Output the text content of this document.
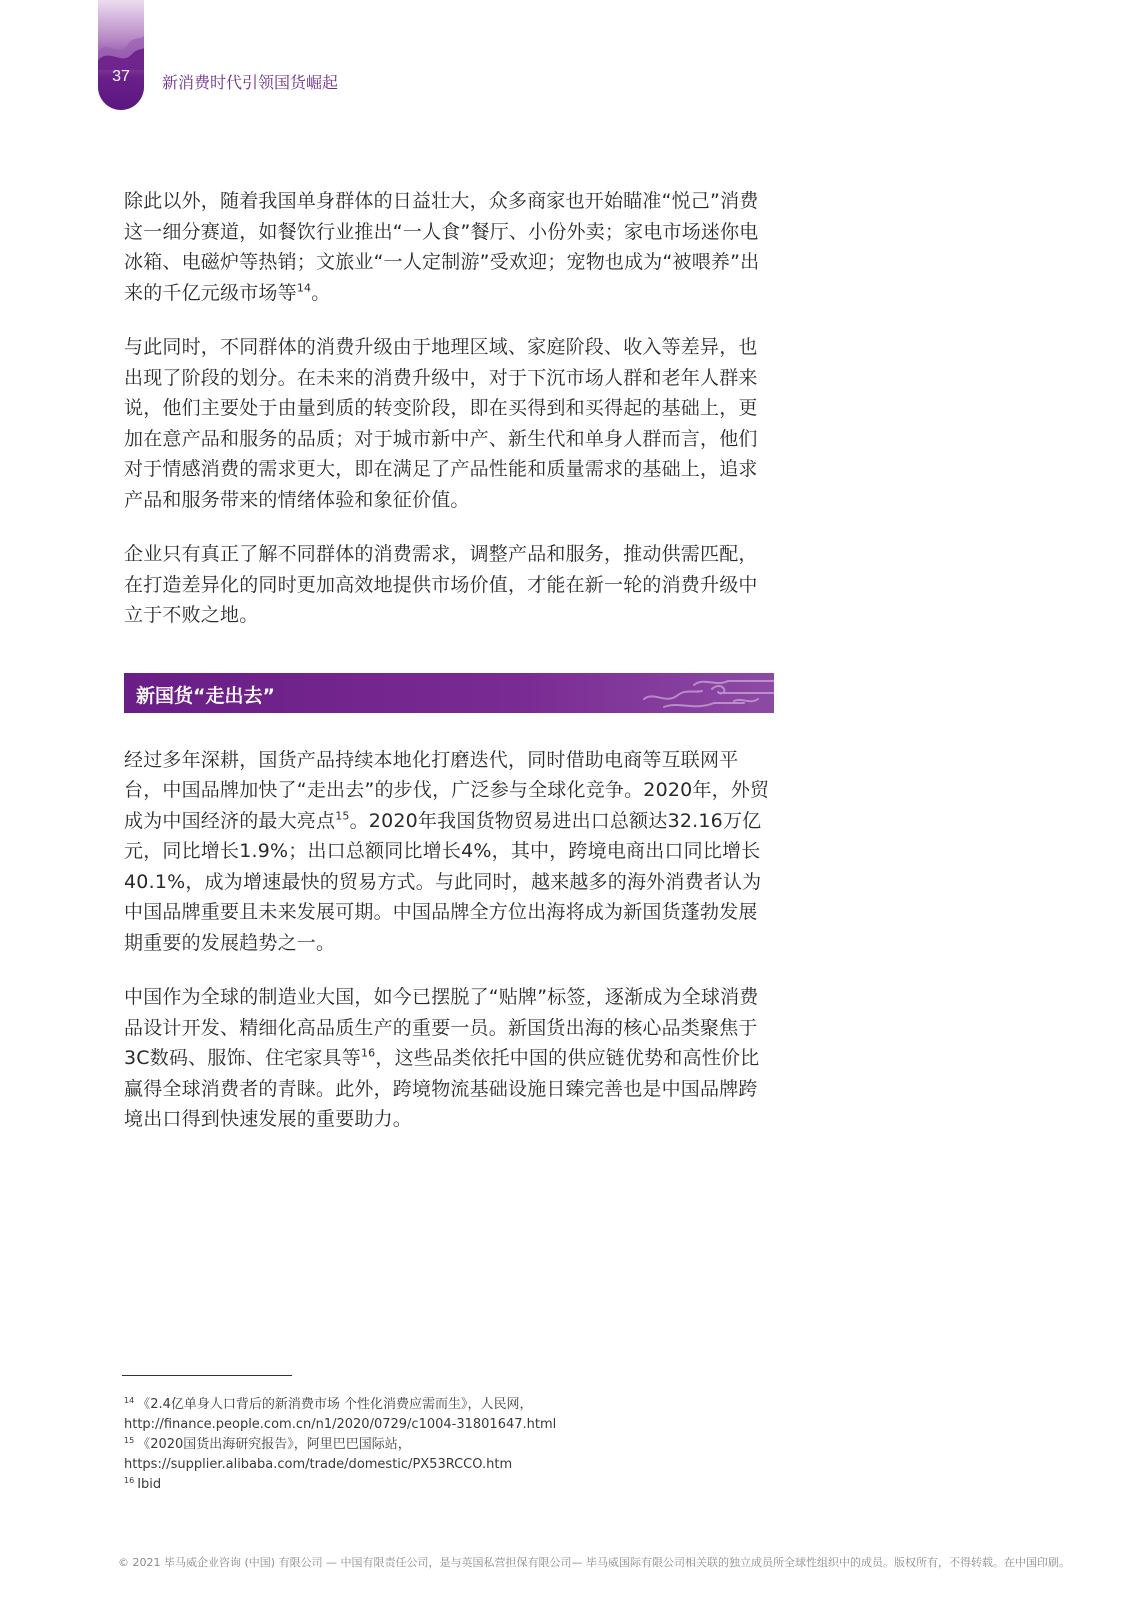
37	新消费时代引领国货崛起

除此以外，随着我国单身群体的日益壮大，众多商家也开始瞄准“悦己”消费这一细分赛道，如餐饮行业推出“一人食”餐厅、小份外卖；家电市场迷你电冰箱、电磁炉等热销；文旅业“一人定制游”受欢迎；宠物也成为“被喂养”出来的千亿元级市场等$^{14}$。

与此同时，不同群体的消费升级由于地理区域、家庭阶段、收入等差异，也出现了阶段的划分。在未来的消费升级中，对于下沉市场人群和老年人群来说，他们主要处于由量到质的转变阶段，即在买得到和买得起的基础上，更加在意产品和服务的品质；对于城市新中产、新生代和单身人群而言，他们对于情感消费的需求更大，即在满足了产品性能和质量需求的基础上，追求产品和服务带来的情绪体验和象征价值。

企业只有真正了解不同群体的消费需求，调整产品和服务，推动供需匹配，在打造差异化的同时更加高效地提供市场价值，才能在新一轮的消费升级中立于不败之地。

新国货“走出去”

经过多年深耕，国货产品持续本地化打磨迭代，同时借助电商等互联网平台，中国品牌加快了“走出去”的步伐，广泛参与全球化竞争。2020年，外贸成为中国经济的最大亮点$^{15}$。2020年我国货物贸易进出口总额达32.16万亿元，同比增长1.9%；出口总额同比增长4%，其中，跨境电商出口同比增长40.1%，成为增速最快的贸易方式。与此同时，越来越多的海外消费者认为中国品牌重要且未来发展可期。中国品牌全方位出海将成为新国货蓬勃发展期重要的发展趋势之一。

中国作为全球的制造业大国，如今已摆脱了“贴牌”标签，逐渐成为全球消费品设计开发、精细化高品质生产的重要一员。新国货出海的核心品类聚焦于3C数码、服饰、住宅家具等$^{16}$，这些品类依托中国的供应链优势和高性价比赢得全球消费者的青睐。此外，跨境物流基础设施日臻完善也是中国品牌跨境出口得到快速发展的重要助力。

$^{14}$ 《2.4亿单身人口背后的新消费市场 个性化消费应需而生》，人民网，
http://finance.people.com.cn/n1/2020/0729/c1004-31801647.html
$^{15}$ 《2020国货出海研究报告》，阿里巴巴国际站，
https://supplier.alibaba.com/trade/domestic/PX53RCCO.htm
$^{16}$ Ibid
© 2021 毕马威企业咨询 (中国) 有限公司 — 中国有限责任公司，是与英国私营担保有限公司— 毕马威国际有限公司相关联的独立成员所全球性组织中的成员。版权所有，不得转载。在中国印刷。
